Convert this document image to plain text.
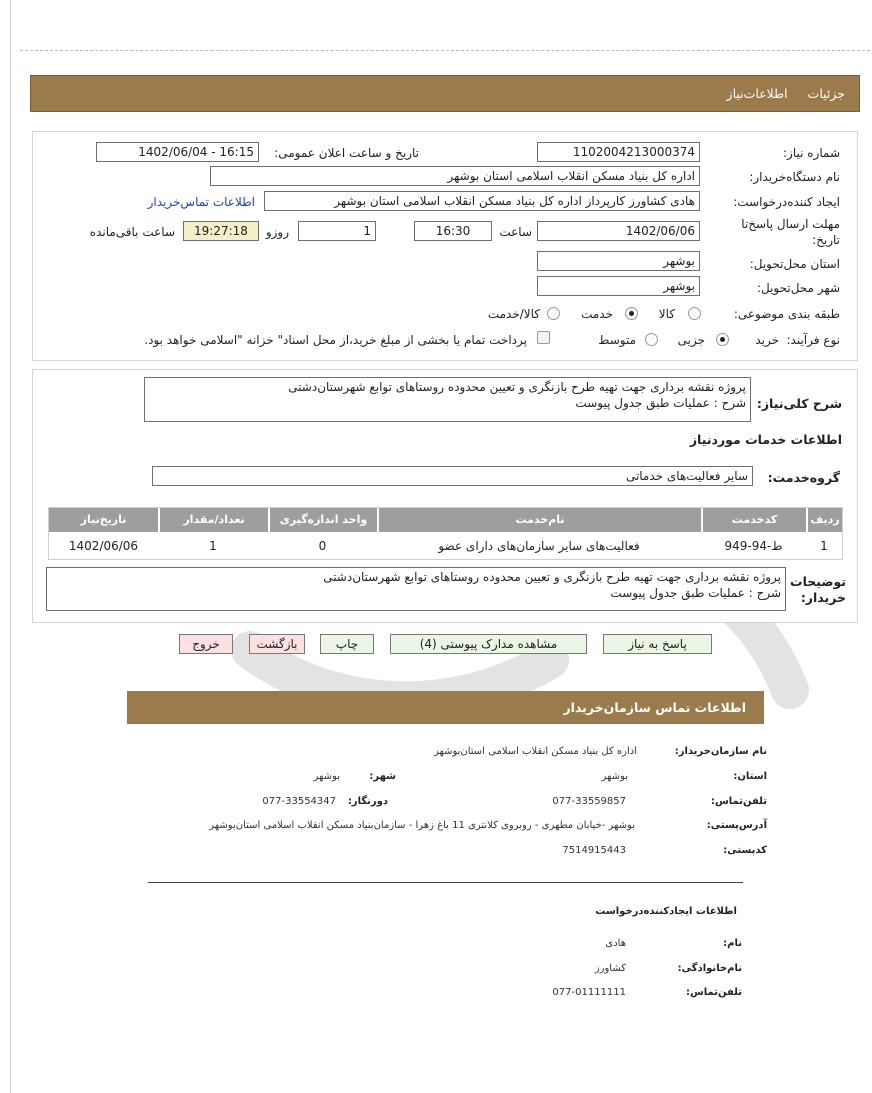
جزئیات
اطلاعات‌نیاز
شماره نیاز:
1102004213000374
تاریخ و ساعت اعلان عمومی:
1402/06/04 - 16:15
نام دستگاه‌خریدار:
اداره کل بنیاد مسکن انقلاب اسلامی استان بوشهر
ایجاد کننده‌درخواست:
هادی کشاورز کارپرداز اداره کل بنیاد مسکن انقلاب اسلامی استان بوشهر
اطلاعات تماس‌خریدار
مهلت ارسال پاسخ‌تا تاریخ:
1402/06/06
ساعت
16:30
1
روزو
19:27:18
ساعت باقی‌مانده
استان محل‌تحویل:
بوشهر
شهر محل‌تحویل:
بوشهر
طبقه بندی موضوعی:
کالا
خدمت
کالا/خدمت
نوع فرآیند:
خرید
جزیی
متوسط
پرداخت تمام یا بخشی از مبلغ خرید،از محل اسناد" خزانه "اسلامی خواهد بود.
شرح کلی‌نیاز:
پروژه نقشه برداری جهت تهیه طرح بازنگری و تعیین محدوده روستاهای توابع شهرستان‌دشتی
شرح : عملیات طبق جدول پیوست
اطلاعات خدمات موردنیاز
گروه‌خدمت:
سایر فعالیت‌های خدماتی
ردیف
کدخدمت
نام‌خدمت
واحد اندازه‌گیری
تعداد/مقدار
تاریخ‌نیاز
1
ط-94-949
فعالیت‌های سایر سازمان‌های دارای عضو
0
1
1402/06/06
توضیحات خریدار:
پروژه نقشه برداری جهت تهیه طرح بازنگری و تعیین محدوده روستاهای توابع شهرستان‌دشتی
شرح : عملیات طبق جدول پیوست
پاسخ به نیاز
مشاهده مدارک پیوستی (4)
چاپ
بازگشت
خروج
اطلاعات تماس سازمان‌خریدار
نام سازمان‌خریدار:
اداره کل بنیاد مسکن انقلاب اسلامی استان‌بوشهر
استان:
بوشهر
شهر:
بوشهر
تلفن‌تماس:
077-33559857
دورنگار:
077-33554347
آدرس‌پستی:
بوشهر -خیابان مطهری - روبروی کلانتری 11 باغ زهرا - سازمان‌بنیاد مسکن انقلاب اسلامی استان‌بوشهر
کدپستی:
7514915443
اطلاعات ایجادکننده‌درخواست
نام:
هادی
نام‌خانوادگی:
کشاورز
تلفن‌تماس:
077-01111111
